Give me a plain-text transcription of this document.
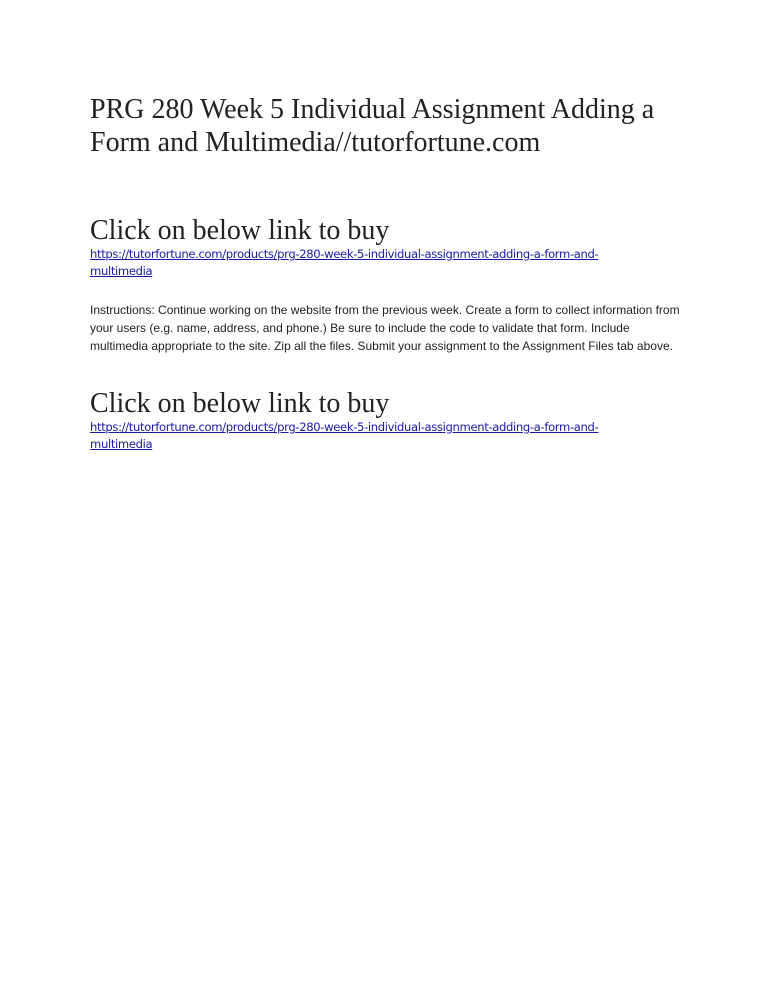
PRG 280 Week 5 Individual Assignment Adding a Form and Multimedia//tutorfortune.com
Click on below link to buy
https://tutorfortune.com/products/prg-280-week-5-individual-assignment-adding-a-form-and-multimedia

Instructions: Continue working on the website from the previous week. Create a form to collect information from your users (e.g. name, address, and phone.) Be sure to include the code to validate that form. Include multimedia appropriate to the site. Zip all the files. Submit your assignment to the Assignment Files tab above.

Click on below link to buy
https://tutorfortune.com/products/prg-280-week-5-individual-assignment-adding-a-form-and-multimedia
